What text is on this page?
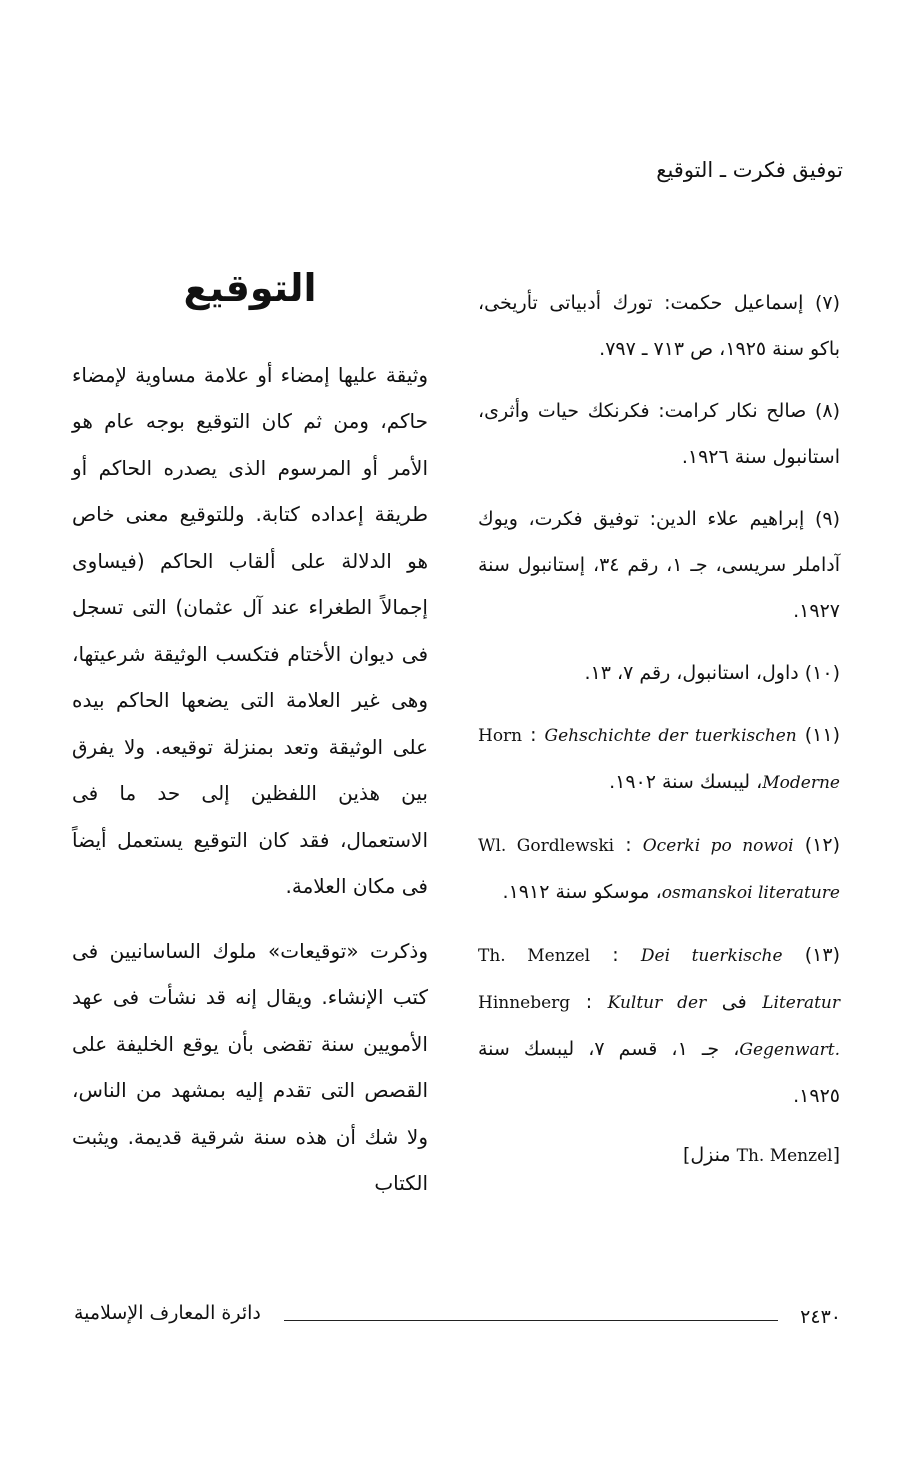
توفيق فكرت ـ التوقيع

(٧) إسماعيل حكمت: تورك أدبياتى تأريخى، باكو سنة ١٩٢٥، ص ٧١٣ ـ ٧٩٧.

(٨) صالح نكار كرامت: فكرنكك حيات وأثرى، استانبول سنة ١٩٢٦.

(٩) إبراهيم علاء الدين: توفيق فكرت، ويوك آداملر سريسى، جـ ١، رقم ٣٤، إستانبول سنة ١٩٢٧.

(١٠) داول، استانبول، رقم ٧، ١٣.

(١١) Horn : Gehschichte der tuerkischen Moderne، ليبسك سنة ١٩٠٢.

(١٢) Wl. Gordlewski : Ocerki po nowoi osmanskoi literature، موسكو سنة ١٩١٢.

(١٣) Th. Menzel : Dei tuerkische Literatur فى Hinneberg : Kultur der Gegenwart.، جـ ١، قسم ٧، ليبسك سنة ١٩٢٥.

[Th. Menzel منزل]
التوقيع

وثيقة عليها إمضاء أو علامة مساوية لإمضاء حاكم، ومن ثم كان التوقيع بوجه عام هو الأمر أو المرسوم الذى يصدره الحاكم أو طريقة إعداده كتابة. وللتوقيع معنى خاص هو الدلالة على ألقاب الحاكم (فيساوى إجمالاً الطغراء عند آل عثمان) التى تسجل فى ديوان الأختام فتكسب الوثيقة شرعيتها، وهى غير العلامة التى يضعها الحاكم بيده على الوثيقة وتعد بمنزلة توقيعه. ولا يفرق بين هذين اللفظين إلى حد ما فى الاستعمال، فقد كان التوقيع يستعمل أيضاً فى مكان العلامة.

وذكرت «توقيعات» ملوك الساسانيين فى كتب الإنشاء. ويقال إنه قد نشأت فى عهد الأمويين سنة تقضى بأن يوقع الخليفة على القصص التى تقدم إليه بمشهد من الناس، ولا شك أن هذه سنة شرقية قديمة. ويثبت الكتاب

٢٤٣٠
دائرة المعارف الإسلامية
